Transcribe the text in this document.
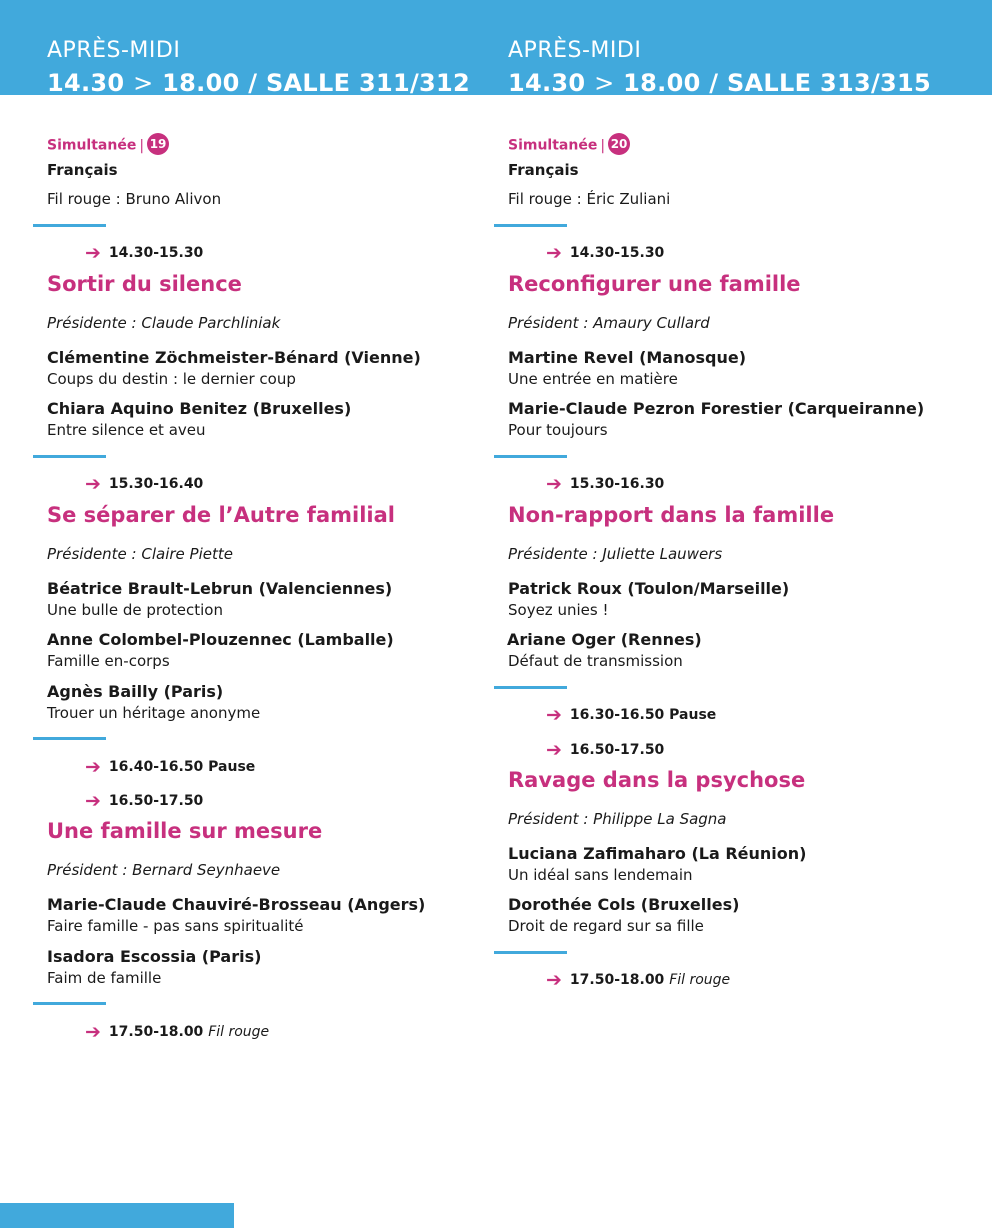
APRÈS-MIDI
14.30 > 18.00 / SALLE 311/312
APRÈS-MIDI
14.30 > 18.00 / SALLE 313/315
Simultanée | 19
Français
Fil rouge : Bruno Alivon
➔ 14.30-15.30
Sortir du silence
Présidente : Claude Parchliniak
Clémentine Zöchmeister-Bénard (Vienne)
Coups du destin : le dernier coup
Chiara Aquino Benitez (Bruxelles)
Entre silence et aveu
➔ 15.30-16.40
Se séparer de l’Autre familial
Présidente : Claire Piette
Béatrice Brault-Lebrun (Valenciennes)
Une bulle de protection
Anne Colombel-Plouzennec (Lamballe)
Famille en-corps
Agnès Bailly (Paris)
Trouer un héritage anonyme
➔ 16.40-16.50 Pause
➔ 16.50-17.50
Une famille sur mesure
Président : Bernard Seynhaeve
Marie-Claude Chauviré-Brosseau (Angers)
Faire famille - pas sans spiritualité
Isadora Escossia (Paris)
Faim de famille
➔ 17.50-18.00 Fil rouge
Simultanée | 20
Français
Fil rouge : Éric Zuliani
➔ 14.30-15.30
Reconfigurer une famille
Président : Amaury Cullard
Martine Revel (Manosque)
Une entrée en matière
Marie-Claude Pezron Forestier (Carqueiranne)
Pour toujours
➔ 15.30-16.30
Non-rapport dans la famille
Présidente : Juliette Lauwers
Patrick Roux (Toulon/Marseille)
Soyez unies !
Ariane Oger (Rennes)
Défaut de transmission
➔ 16.30-16.50 Pause
➔ 16.50-17.50
Ravage dans la psychose
Président : Philippe La Sagna
Luciana Zafimaharo (La Réunion)
Un idéal sans lendemain
Dorothée Cols (Bruxelles)
Droit de regard sur sa fille
➔ 17.50-18.00 Fil rouge
